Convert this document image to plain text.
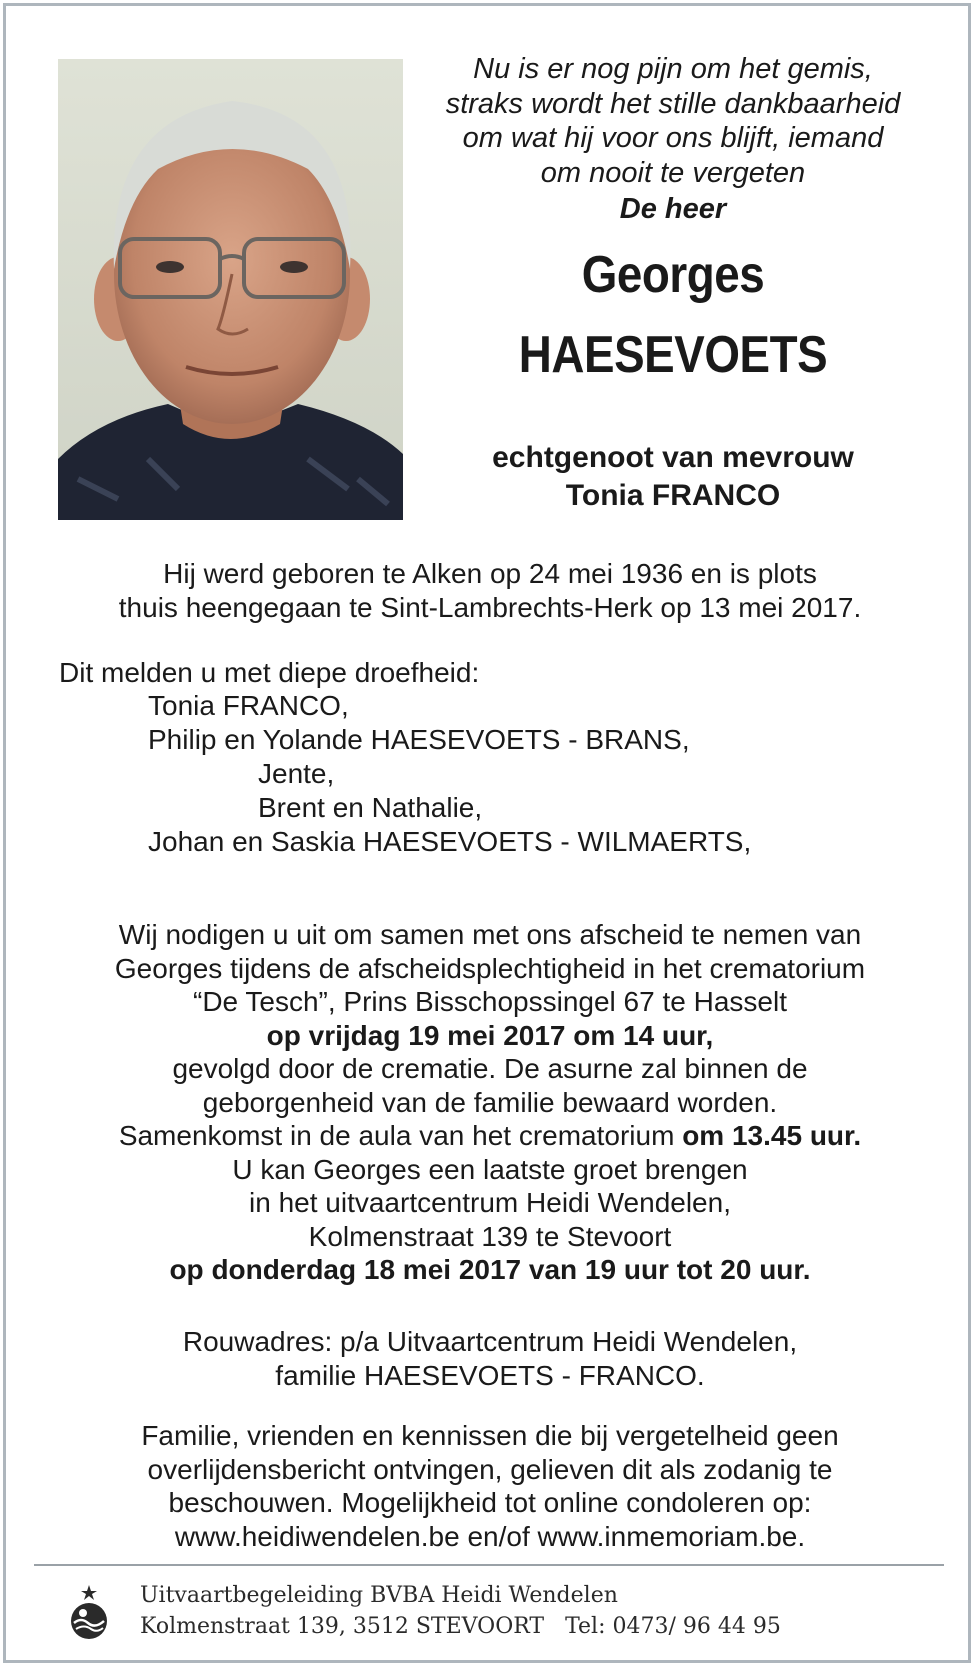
Nu is er nog pijn om het gemis,
straks wordt het stille dankbaarheid
om wat hij voor ons blijft, iemand
om nooit te vergeten
De heer
Georges
HAESEVOETS
echtgenoot van mevrouw
Tonia FRANCO
Hij werd geboren te Alken op 24 mei 1936 en is plots
thuis heengegaan te Sint-Lambrechts-Herk op 13 mei 2017.
Dit melden u met diepe droefheid:
Tonia FRANCO,
Philip en Yolande HAESEVOETS - BRANS,
Jente,
Brent en Nathalie,
Johan en Saskia HAESEVOETS - WILMAERTS,
Wij nodigen u uit om samen met ons afscheid te nemen van
Georges tijdens de afscheidsplechtigheid in het crematorium
“De Tesch”, Prins Bisschopssingel 67 te Hasselt
op vrijdag 19 mei 2017 om 14 uur,
gevolgd door de crematie. De asurne zal binnen de
geborgenheid van de familie bewaard worden.
Samenkomst in de aula van het crematorium om 13.45 uur.
U kan Georges een laatste groet brengen
in het uitvaartcentrum Heidi Wendelen,
Kolmenstraat 139 te Stevoort
op donderdag 18 mei 2017 van 19 uur tot 20 uur.
Rouwadres: p/a Uitvaartcentrum Heidi Wendelen,
familie HAESEVOETS - FRANCO.
Familie, vrienden en kennissen die bij vergetelheid geen
overlijdensbericht ontvingen, gelieven dit als zodanig te
beschouwen. Mogelijkheid tot online condoleren op:
www.heidiwendelen.be en/of www.inmemoriam.be.
Uitvaartbegeleiding BVBA Heidi Wendelen
Kolmenstraat 139, 3512 STEVOORT Tel: 0473/ 96 44 95
